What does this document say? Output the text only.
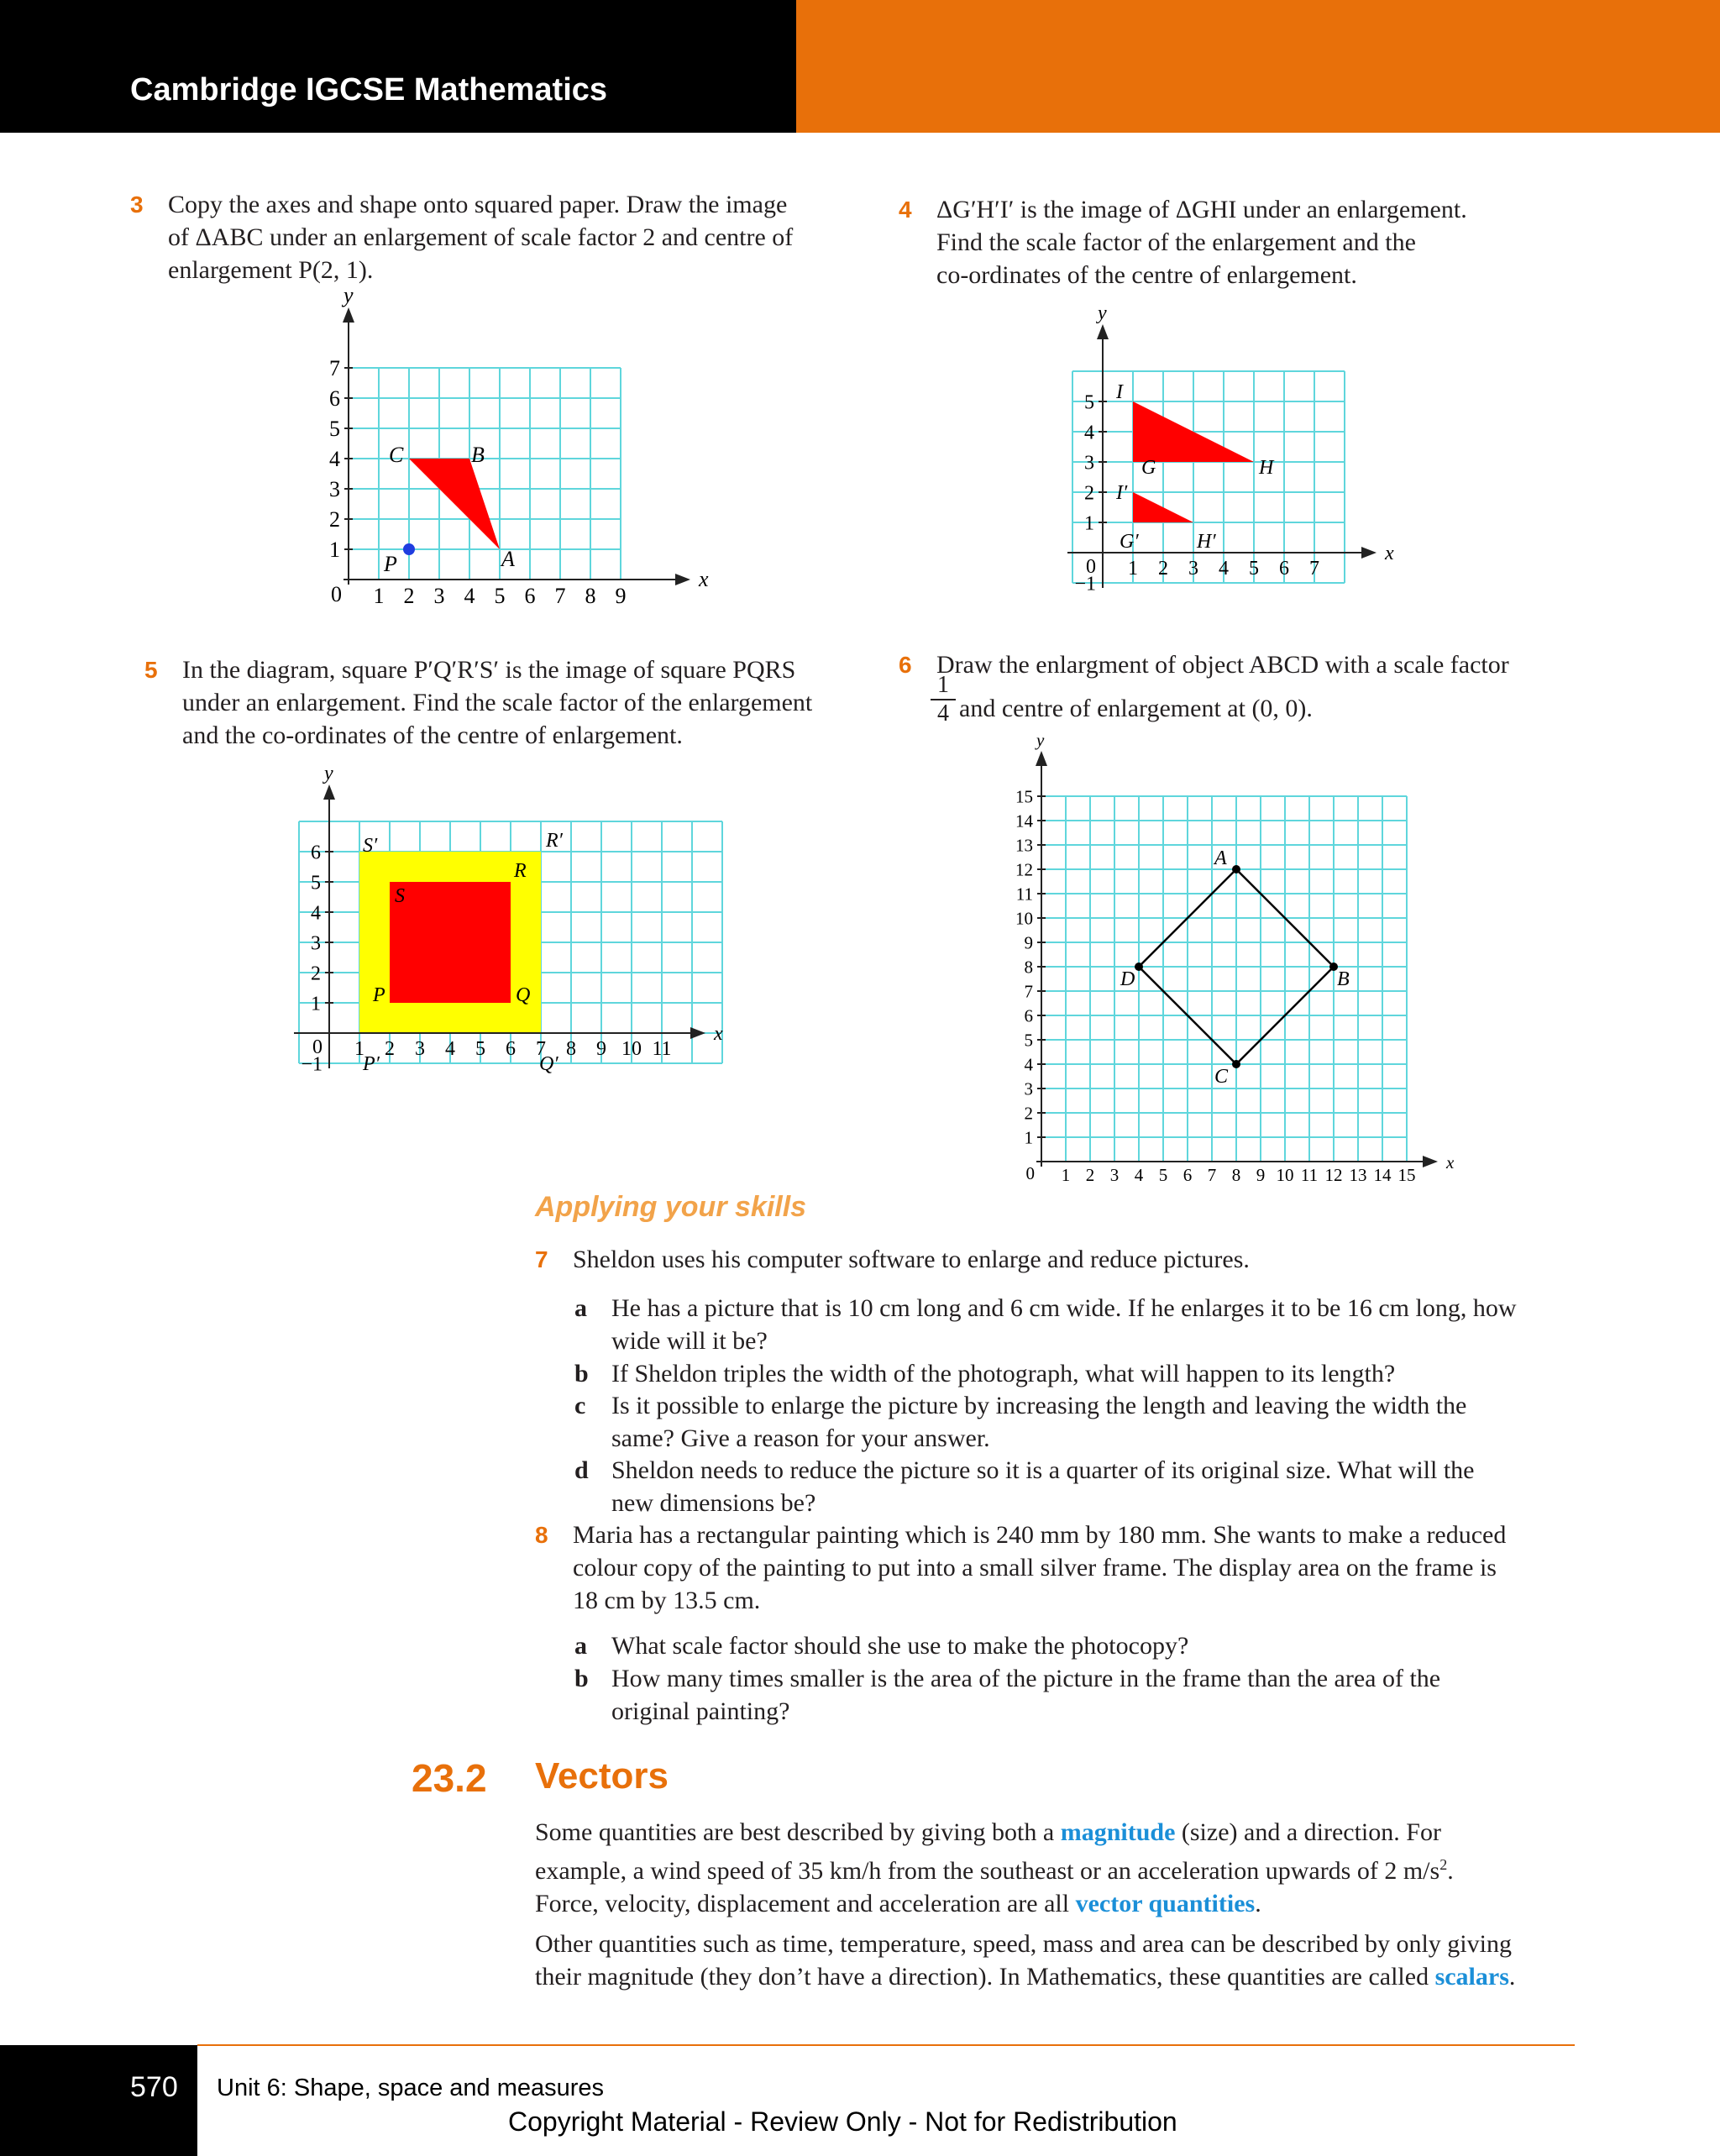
Cambridge IGCSE Mathematics
3 Copy the axes and shape onto squared paper. Draw the image
of ΔABC under an enlargement of scale factor 2 and centre of
enlargement P(2, 1).
4 ΔG′H′I′ is the image of ΔGHI under an enlargement.
Find the scale factor of the enlargement and the
co-ordinates of the centre of enlargement.
5 In the diagram, square P′Q′R′S′ is the image of square PQRS
under an enlargement. Find the scale factor of the enlargement
and the co-ordinates of the centre of enlargement.
6 Draw the enlargment of object ABCD with a scale factor
$\frac{1}{4}$ and centre of enlargement at (0, 0).
x
y
1 2 3 4 5 6 7 8 9
1
2
3
4
5
6
7
0
A
B
C
P	x
y
1 2 3 4 5 6 7
1
2
3
4
5
0
−1
G	H
I
G′	H′
I′
x
y
1 2 3 4 5 6 7 8 9 10 11
1
2
3
4
5
6
0
−1
P	Q
R
S
P′	Q′
R′
S′
x
y
1 2 3 4 5 6 7 8 9 10 11 12 13 14 15
1
2
3
4
5
6
7
8
9
10
11
12
13
14
15
0
A
B
C
D
Applying your skills
7 Sheldon uses his computer software to enlarge and reduce pictures.
a He has a picture that is 10 cm long and 6 cm wide. If he enlarges it to be 16 cm long, how
wide will it be?
b If Sheldon triples the width of the photograph, what will happen to its length?
c Is it possible to enlarge the picture by increasing the length and leaving the width the
same? Give a reason for your answer.
d Sheldon needs to reduce the picture so it is a quarter of its original size. What will the
new dimensions be?
8 Maria has a rectangular painting which is 240 mm by 180 mm. She wants to make a reduced
colour copy of the painting to put into a small silver frame. The display area on the frame is
18 cm by 13.5 cm.
a What scale factor should she use to make the photocopy?
b How many times smaller is the area of the picture in the frame than the area of the
original painting?
23.2 Vectors
Some quantities are best described by giving both a magnitude (size) and a direction. For
example, a wind speed of 35 km/h from the southeast or an acceleration upwards of 2 $m/s^2$.
Force, velocity, displacement and acceleration are all vector quantities.
Other quantities such as time, temperature, speed, mass and area can be described by only giving
their magnitude (they don’t have a direction). In Mathematics, these quantities are called scalars.
570 Unit 6: Shape, space and measures
Copyright Material - Review Only - Not for Redistribution
